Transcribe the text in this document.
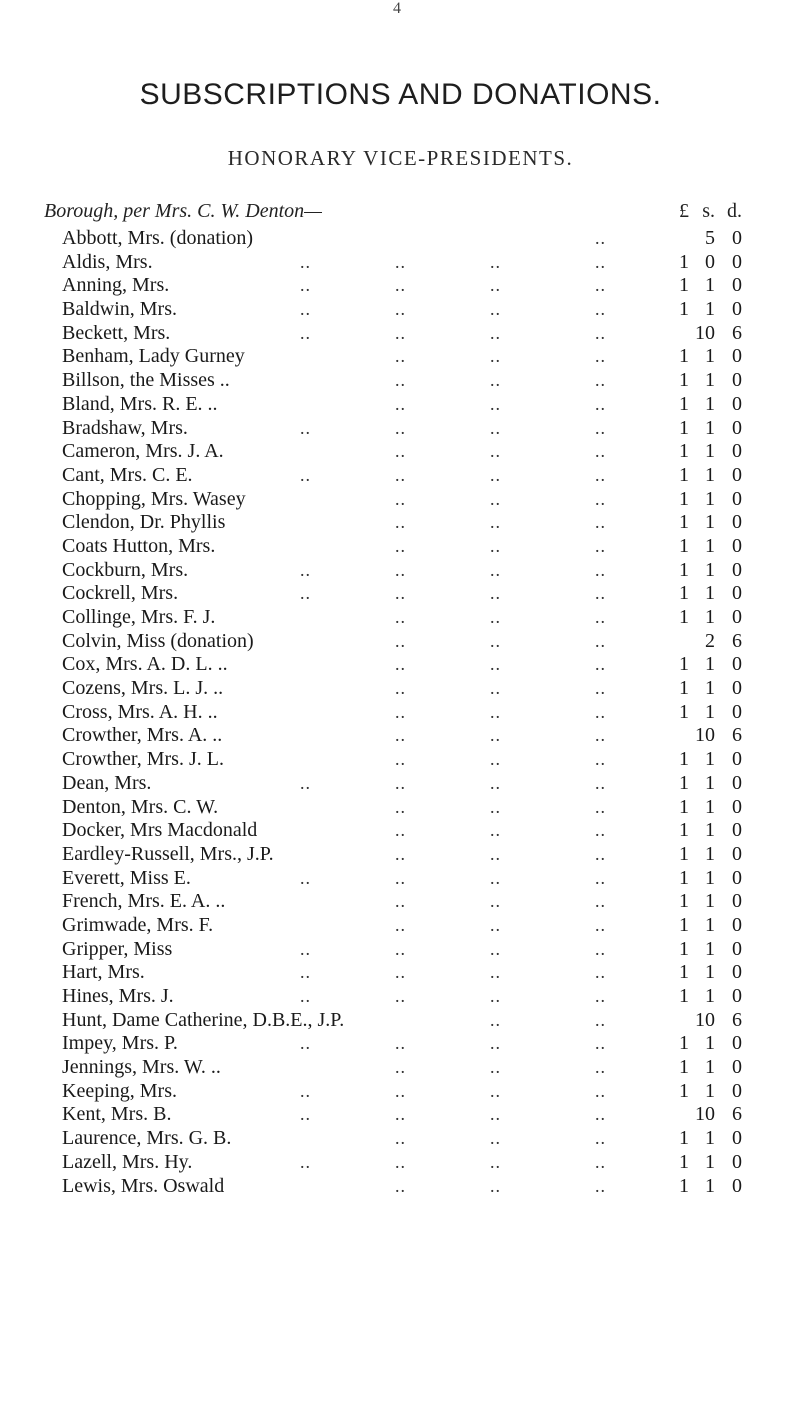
4
SUBSCRIPTIONS AND DONATIONS.
HONORARY VICE-PRESIDENTS.
Borough, per Mrs. C. W. Denton—	£ s. d.
Abbott, Mrs. (donation)	..	5 0
Aldis, Mrs.	..	..	..	..	1 0 0
Anning, Mrs.	..	..	..	..	1 1 0
Baldwin, Mrs.	..	..	..	..	1 1 0
Beckett, Mrs.	..	..	..	..	10 6
Benham, Lady Gurney	..	..	..	1 1 0
Billson, the Misses ..	..	..	..	1 1 0
Bland, Mrs. R. E. ..	..	..	..	1 1 0
Bradshaw, Mrs.	..	..	..	..	1 1 0
Cameron, Mrs. J. A.	..	..	..	1 1 0
Cant, Mrs. C. E.	..	..	..	..	1 1 0
Chopping, Mrs. Wasey	..	..	..	1 1 0
Clendon, Dr. Phyllis	..	..	..	1 1 0
Coats Hutton, Mrs.	..	..	..	1 1 0
Cockburn, Mrs.	..	..	..	..	1 1 0
Cockrell, Mrs.	..	..	..	..	1 1 0
Collinge, Mrs. F. J.	..	..	..	1 1 0
Colvin, Miss (donation)	..	..	..	2 6
Cox, Mrs. A. D. L. ..	..	..	..	1 1 0
Cozens, Mrs. L. J. ..	..	..	..	1 1 0
Cross, Mrs. A. H. ..	..	..	..	1 1 0
Crowther, Mrs. A. ..	..	..	..	10 6
Crowther, Mrs. J. L.	..	..	..	1 1 0
Dean, Mrs.	..	..	..	..	1 1 0
Denton, Mrs. C. W.	..	..	..	1 1 0
Docker, Mrs Macdonald	..	..	..	1 1 0
Eardley-Russell, Mrs., J.P.	..	..	..	1 1 0
Everett, Miss E.	..	..	..	..	1 1 0
French, Mrs. E. A. ..	..	..	..	1 1 0
Grimwade, Mrs. F.	..	..	..	1 1 0
Gripper, Miss	..	..	..	..	1 1 0
Hart, Mrs.	..	..	..	..	1 1 0
Hines, Mrs. J.	..	..	..	..	1 1 0
Hunt, Dame Catherine, D.B.E., J.P.	..	..	10 6
Impey, Mrs. P.	..	..	..	..	1 1 0
Jennings, Mrs. W. ..	..	..	..	1 1 0
Keeping, Mrs.	..	..	..	..	1 1 0
Kent, Mrs. B.	..	..	..	..	10 6
Laurence, Mrs. G. B.	..	..	..	1 1 0
Lazell, Mrs. Hy.	..	..	..	..	1 1 0
Lewis, Mrs. Oswald	..	..	..	1 1 0
